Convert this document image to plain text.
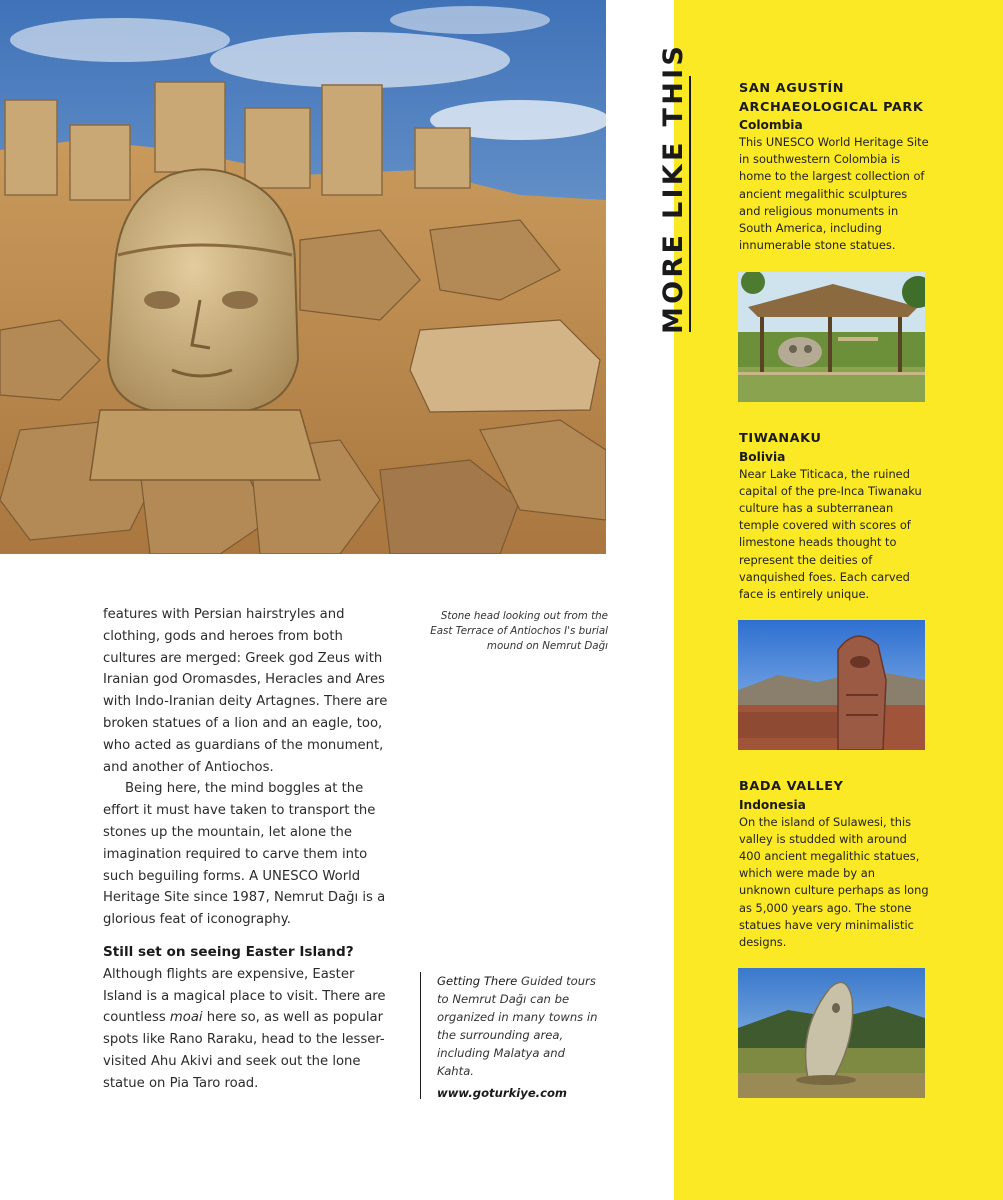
features with Persian hairstryles and clothing, gods and heroes from both cultures are merged: Greek god Zeus with Iranian god Oromasdes, Heracles and Ares with Indo-Iranian deity Artagnes. There are broken statues of a lion and an eagle, too, who acted as guardians of the monument, and another of Antiochos.

Being here, the mind boggles at the effort it must have taken to transport the stones up the mountain, let alone the imagination required to carve them into such beguiling forms. A UNESCO World Heritage Site since 1987, Nemrut Dağı is a glorious feat of iconography.

Still set on seeing Easter Island?

Although flights are expensive, Easter Island is a magical place to visit. There are countless moai here so, as well as popular spots like Rano Raraku, head to the lesser-visited Ahu Akivi and seek out the lone statue on Pia Taro road.

Stone head looking out from the East Terrace of Antiochos I's burial mound on Nemrut Dağı
Getting There Guided tours to Nemrut Dağı can be organized in many towns in the surrounding area, including Malatya and Kahta.
www.goturkiye.com
MORE LIKE THIS	SAN AGUSTÍN
ARCHAEOLOGICAL PARK
Colombia
This UNESCO World Heritage Site in southwestern Colombia is home to the largest collection of ancient megalithic sculptures and religious monuments in South America, including innumerable stone statues.
TIWANAKU
Bolivia
Near Lake Titicaca, the ruined capital of the pre-Inca Tiwanaku culture has a subterranean temple covered with scores of limestone heads thought to represent the deities of vanquished foes. Each carved face is entirely unique.
BADA VALLEY
Indonesia
On the island of Sulawesi, this valley is studded with around 400 ancient megalithic statues, which were made by an unknown culture perhaps as long as 5,000 years ago. The stone statues have very minimalistic designs.
